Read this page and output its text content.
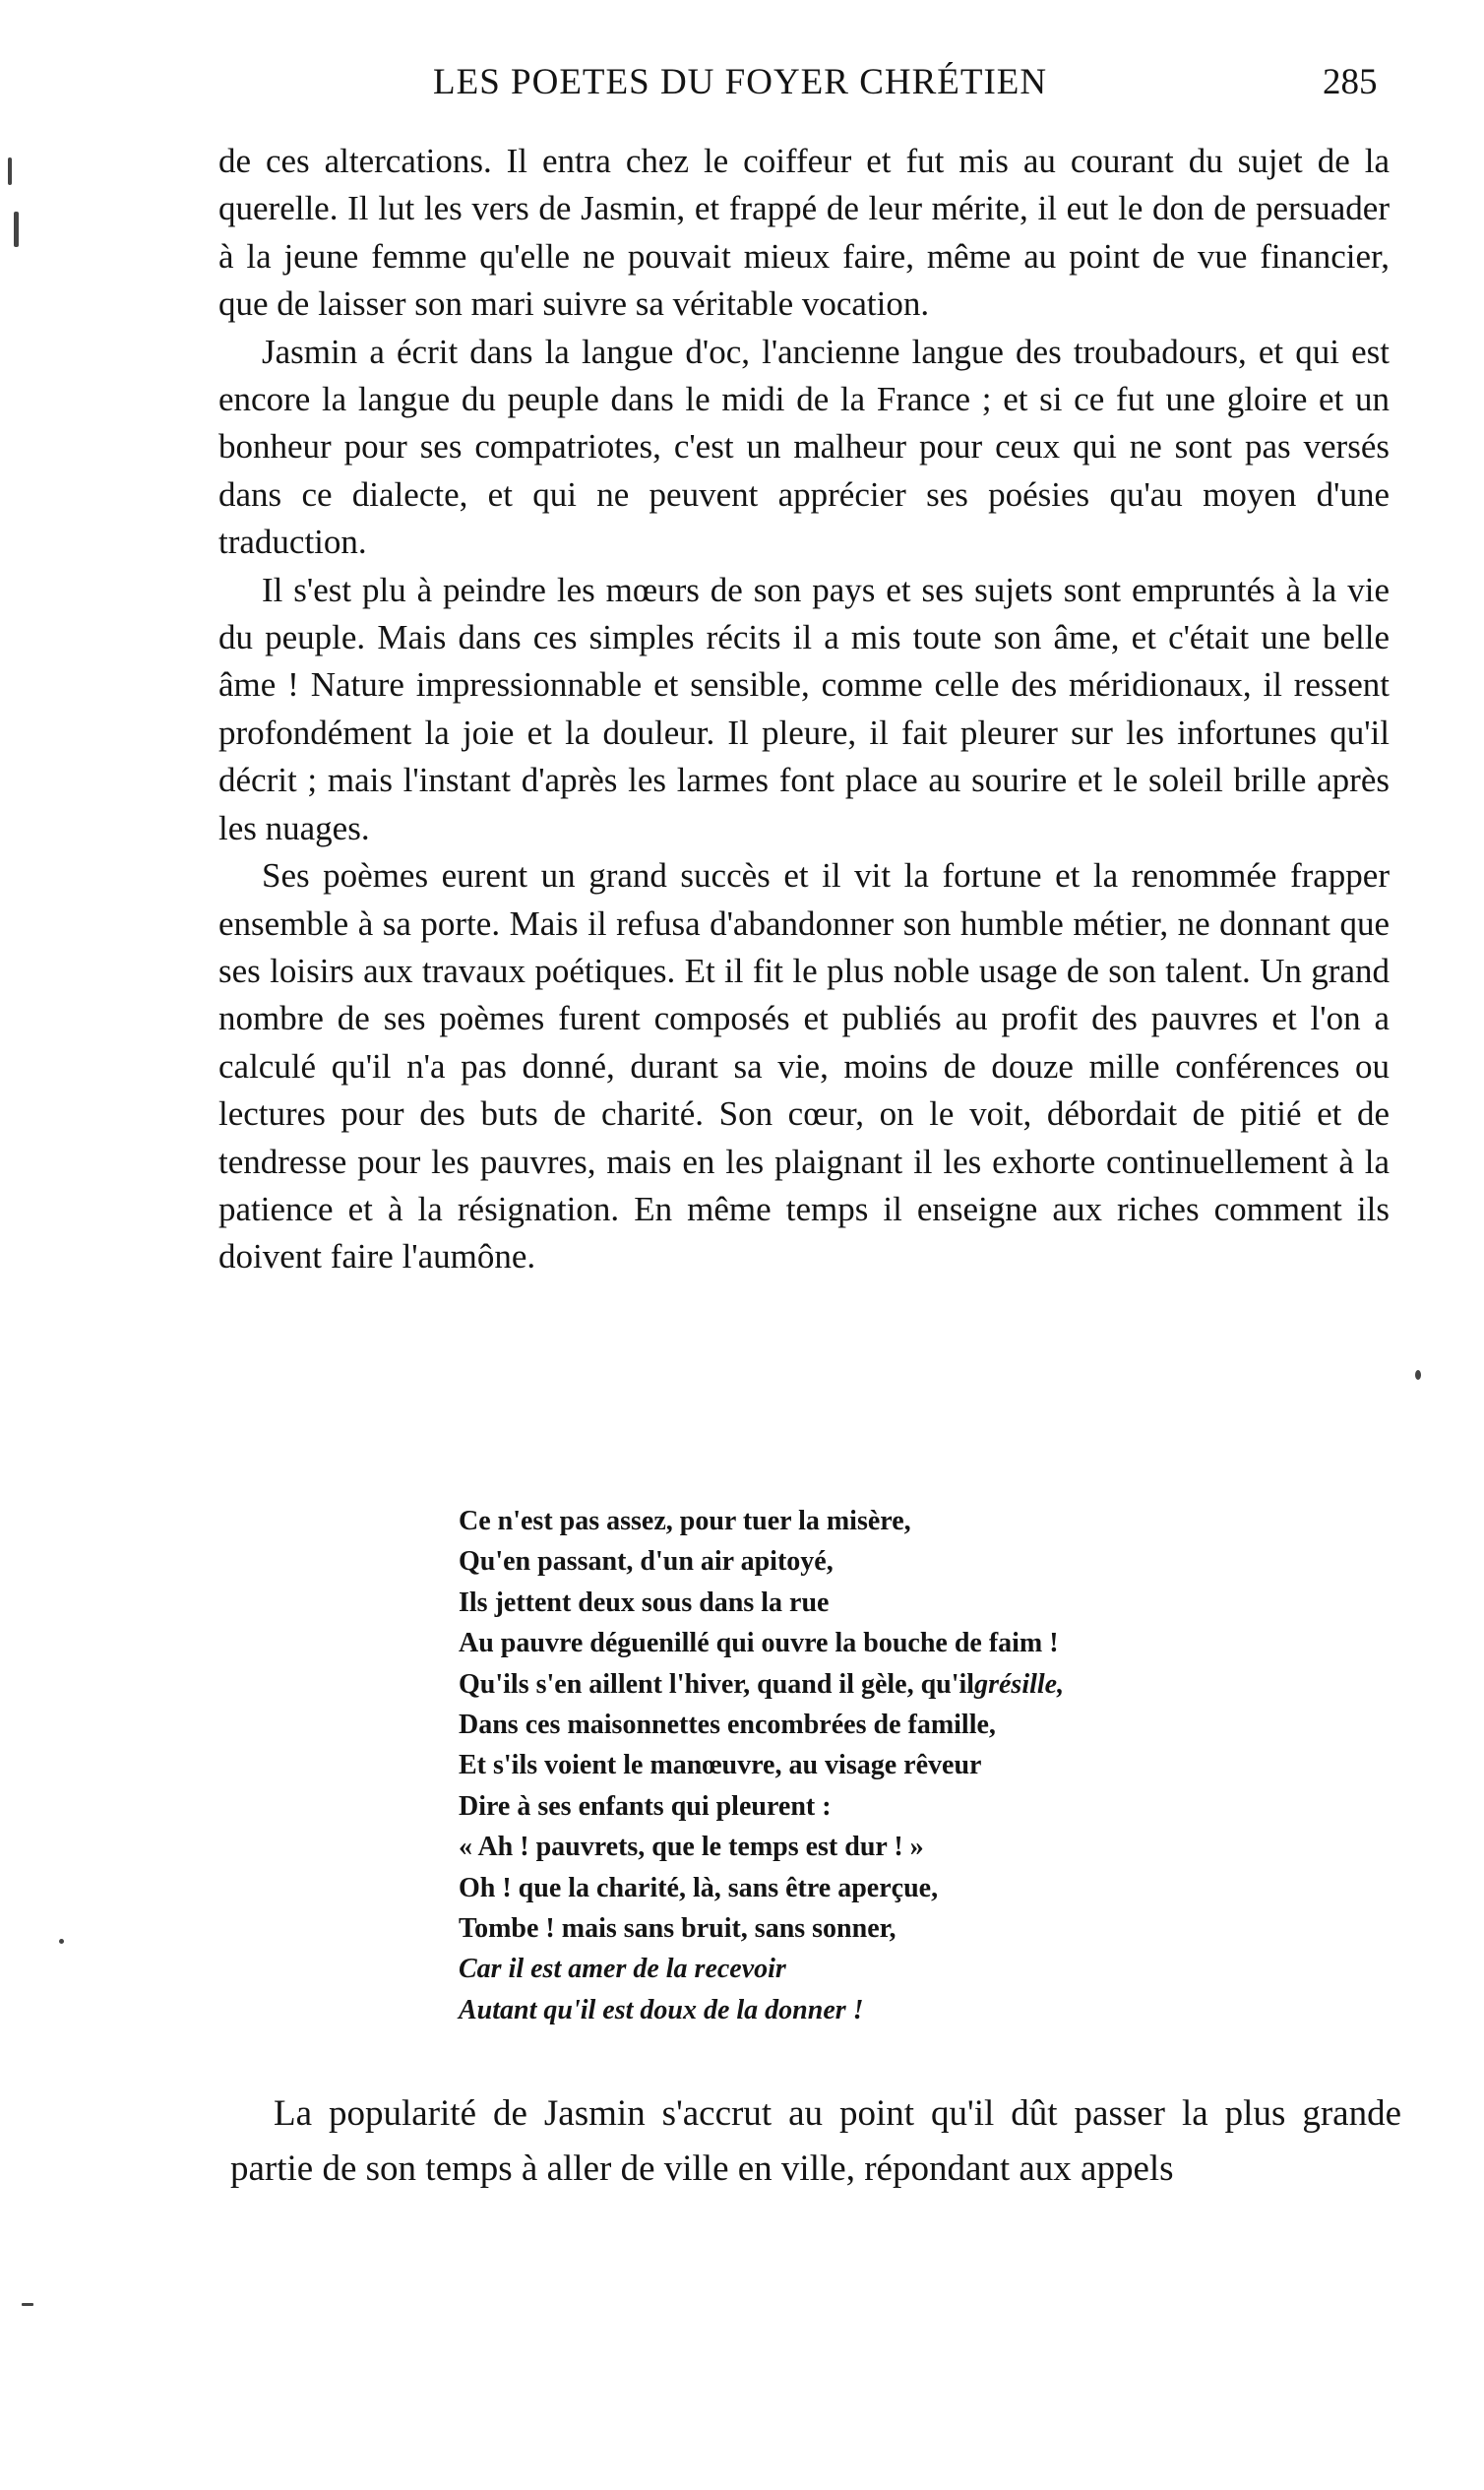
LES POETES DU FOYER CHRÉTIEN	285

de ces altercations. Il entra chez le coiffeur et fut mis au courant du sujet de la querelle. Il lut les vers de Jasmin, et frappé de leur mérite, il eut le don de persuader à la jeune femme qu'elle ne pouvait mieux faire, même au point de vue financier, que de laisser son mari suivre sa véritable vocation.

Jasmin a écrit dans la langue d'oc, l'ancienne langue des troubadours, et qui est encore la langue du peuple dans le midi de la France ; et si ce fut une gloire et un bonheur pour ses compatriotes, c'est un malheur pour ceux qui ne sont pas versés dans ce dialecte, et qui ne peuvent apprécier ses poésies qu'au moyen d'une traduction.

Il s'est plu à peindre les mœurs de son pays et ses sujets sont empruntés à la vie du peuple. Mais dans ces simples récits il a mis toute son âme, et c'était une belle âme ! Nature impressionnable et sensible, comme celle des méridionaux, il ressent profondément la joie et la douleur. Il pleure, il fait pleurer sur les infortunes qu'il décrit ; mais l'instant d'après les larmes font place au sourire et le soleil brille après les nuages.

Ses poèmes eurent un grand succès et il vit la fortune et la renommée frapper ensemble à sa porte. Mais il refusa d'abandonner son humble métier, ne donnant que ses loisirs aux travaux poétiques. Et il fit le plus noble usage de son talent. Un grand nombre de ses poèmes furent composés et publiés au profit des pauvres et l'on a calculé qu'il n'a pas donné, durant sa vie, moins de douze mille conférences ou lectures pour des buts de charité. Son cœur, on le voit, débordait de pitié et de tendresse pour les pauvres, mais en les plaignant il les exhorte continuellement à la patience et à la résignation. En même temps il enseigne aux riches comment ils doivent faire l'aumône.

Ce n'est pas assez, pour tuer la misère,
Qu'en passant, d'un air apitoyé,
Ils jettent deux sous dans la rue
Au pauvre déguenillé qui ouvre la bouche de faim !
Qu'ils s'en aillent l'hiver, quand il gèle, qu'ilgrésille,
Dans ces maisonnettes encombrées de famille,
Et s'ils voient le manœuvre, au visage rêveur
Dire à ses enfants qui pleurent :
« Ah ! pauvrets, que le temps est dur ! »
Oh ! que la charité, là, sans être aperçue,
Tombe ! mais sans bruit, sans sonner,
Car il est amer de la recevoir
Autant qu'il est doux de la donner !

La popularité de Jasmin s'accrut au point qu'il dût passer la plus grande partie de son temps à aller de ville en ville, répondant aux appels
